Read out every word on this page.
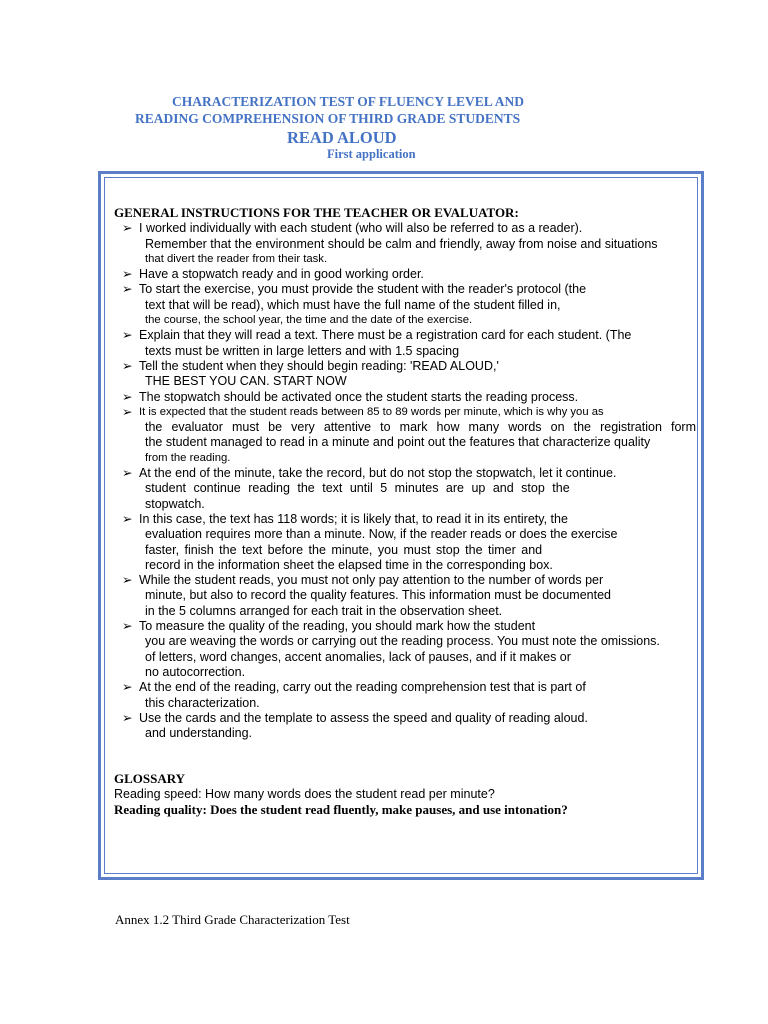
CHARACTERIZATION TEST OF FLUENCY LEVEL AND
READING COMPREHENSION OF THIRD GRADE STUDENTS
READ ALOUD
First application
GENERAL INSTRUCTIONS FOR THE TEACHER OR EVALUATOR:
➢ I worked individually with each student (who will also be referred to as a reader).
Remember that the environment should be calm and friendly, away from noise and situations
that divert the reader from their task.
➢ Have a stopwatch ready and in good working order.
➢ To start the exercise, you must provide the student with the reader's protocol (the
text that will be read), which must have the full name of the student filled in,
the course, the school year, the time and the date of the exercise.
➢ Explain that they will read a text. There must be a registration card for each student. (The
texts must be written in large letters and with 1.5 spacing
➢ Tell the student when they should begin reading: 'READ ALOUD,'
THE BEST YOU CAN. START NOW
➢ The stopwatch should be activated once the student starts the reading process.
➢ It is expected that the student reads between 85 to 89 words per minute, which is why you as
the evaluator must be very attentive to mark how many words on the registration form
the student managed to read in a minute and point out the features that characterize quality
from the reading.
➢ At the end of the minute, take the record, but do not stop the stopwatch, let it continue.
student continue reading the text until 5 minutes are up and stop the
stopwatch.
➢ In this case, the text has 118 words; it is likely that, to read it in its entirety, the
evaluation requires more than a minute. Now, if the reader reads or does the exercise
faster, finish the text before the minute, you must stop the timer and
record in the information sheet the elapsed time in the corresponding box.
➢ While the student reads, you must not only pay attention to the number of words per
minute, but also to record the quality features. This information must be documented
in the 5 columns arranged for each trait in the observation sheet.
➢ To measure the quality of the reading, you should mark how the student
you are weaving the words or carrying out the reading process. You must note the omissions.
of letters, word changes, accent anomalies, lack of pauses, and if it makes or
no autocorrection.
➢ At the end of the reading, carry out the reading comprehension test that is part of
this characterization.
➢ Use the cards and the template to assess the speed and quality of reading aloud.
and understanding.
GLOSSARY
Reading speed: How many words does the student read per minute?
Reading quality: Does the student read fluently, make pauses, and use intonation?
Annex 1.2 Third Grade Characterization Test
